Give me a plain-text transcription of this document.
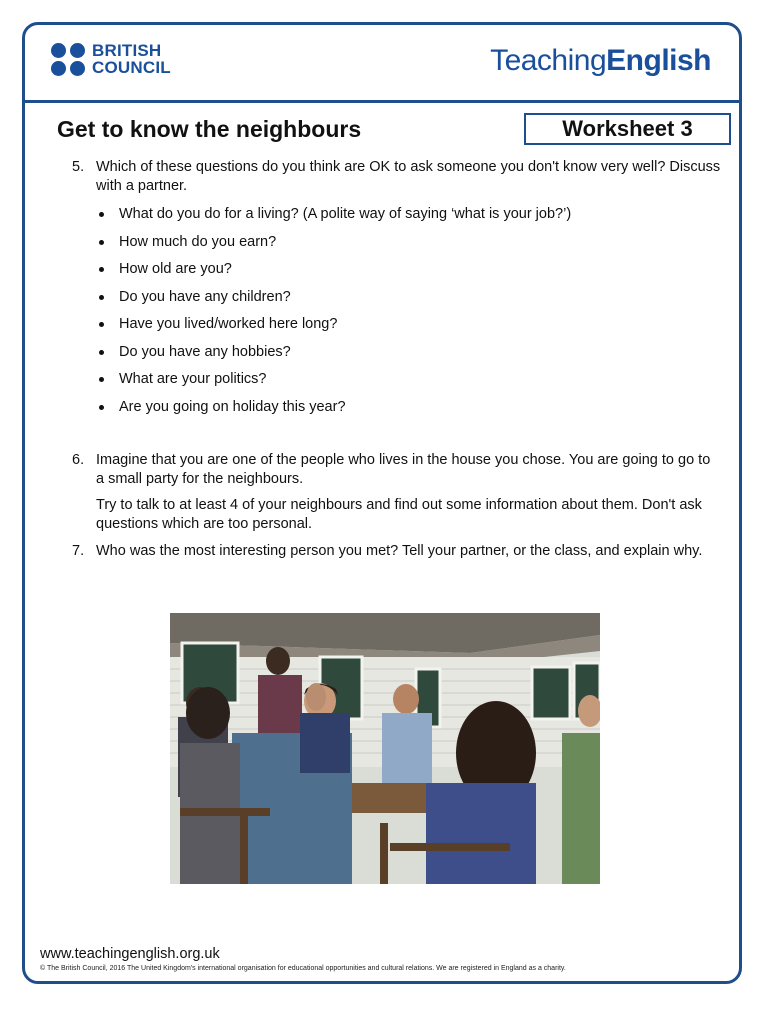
BRITISH
COUNCIL	TeachingEnglish
Get to know the neighbours	Worksheet 3
5. Which of these questions do you think are OK to ask someone you don't know very well? Discuss with a partner.
What do you do for a living? (A polite way of saying ‘what is your job?’)
How much do you earn?
How old are you?
Do you have any children?
Have you lived/worked here long?
Do you have any hobbies?
What are your politics?
Are you going on holiday this year?
6. Imagine that you are one of the people who lives in the house you chose. You are going to go to a small party for the neighbours.
Try to talk to at least 4 of your neighbours and find out some information about them. Don't ask questions which are too personal.
7. Who was the most interesting person you met? Tell your partner, or the class, and explain why.
www.teachingenglish.org.uk
© The British Council, 2016 The United Kingdom's international organisation for educational opportunities and cultural relations. We are registered in England as a charity.
